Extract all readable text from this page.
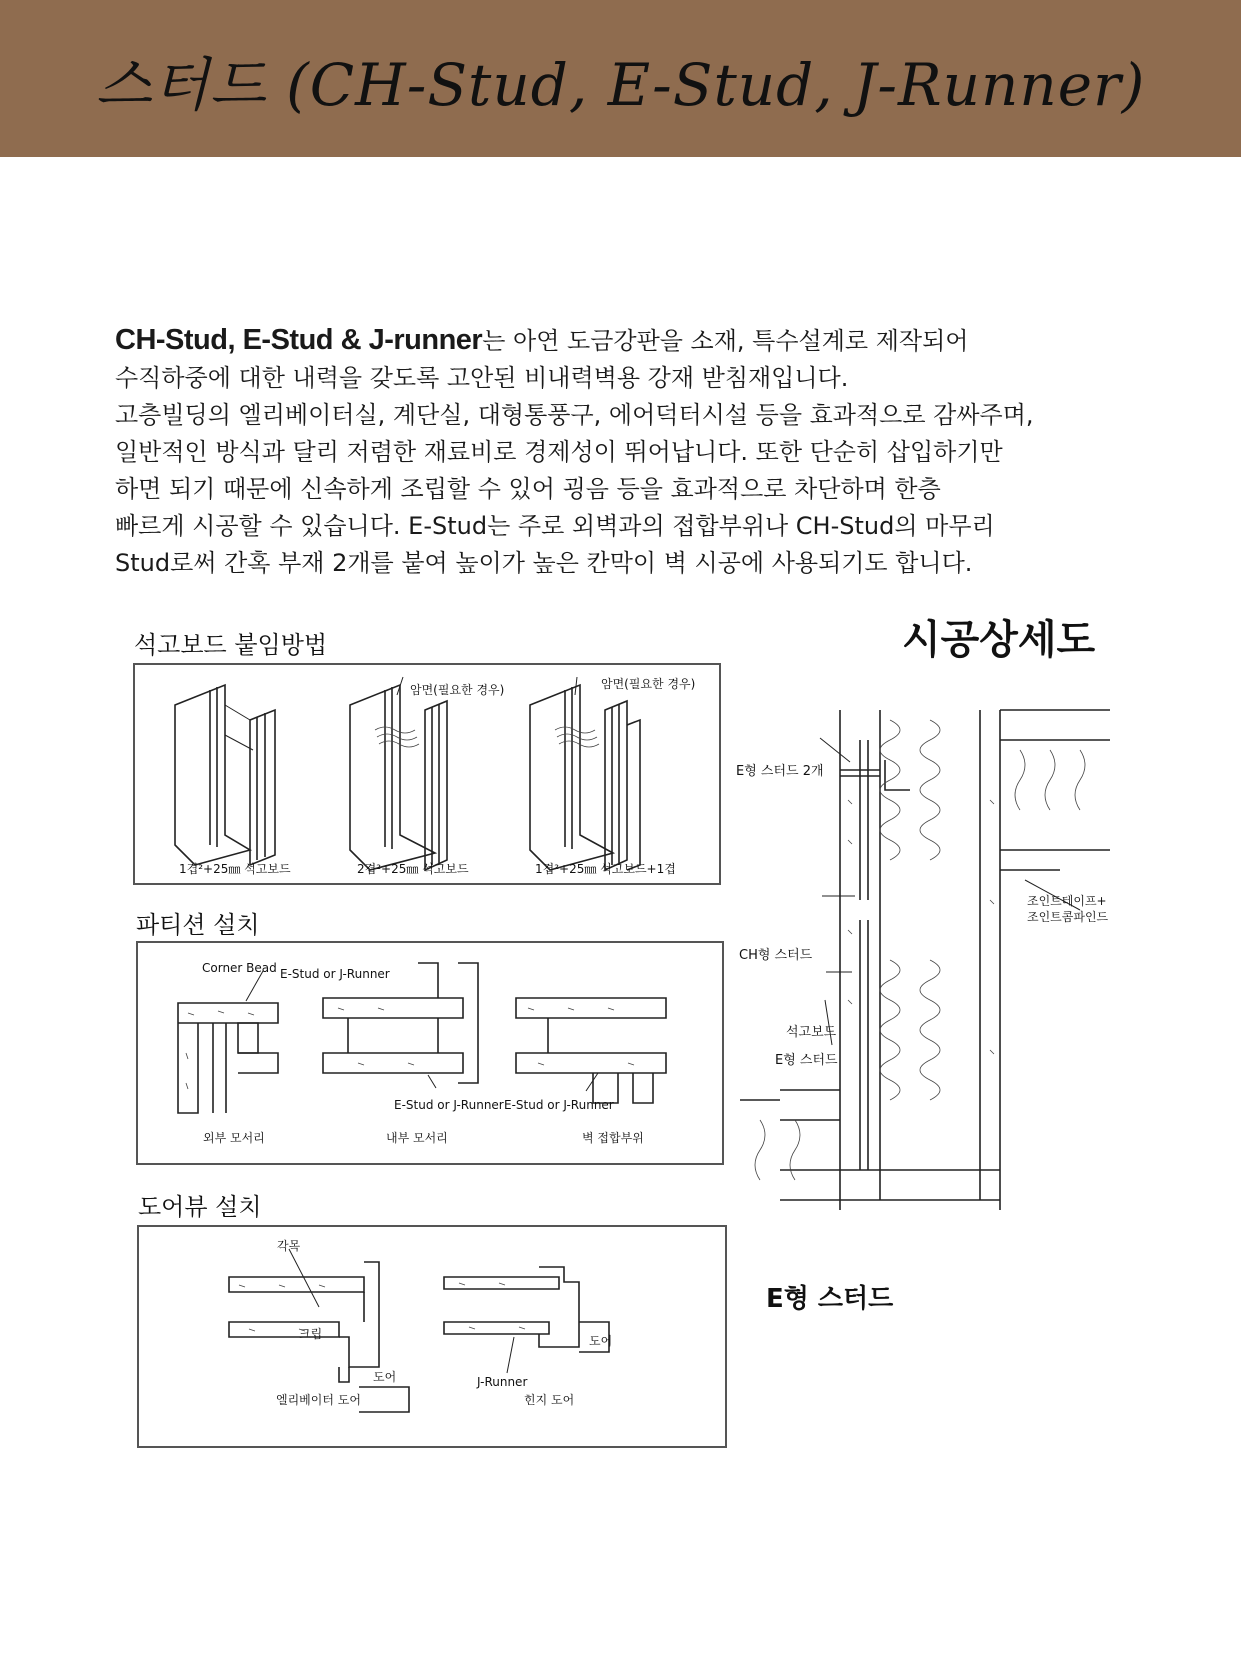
스터드 (CH-Stud, E-Stud, J-Runner)

CH-Stud, E-Stud & J-runner는 아연 도금강판을 소재, 특수설계로 제작되어

수직하중에 대한 내력을 갖도록 고안된 비내력벽용 강재 받침재입니다.

고층빌딩의 엘리베이터실, 계단실, 대형통풍구, 에어덕터시설 등을 효과적으로 감싸주며,

일반적인 방식과 달리 저렴한 재료비로 경제성이 뛰어납니다. 또한 단순히 삽입하기만

하면 되기 때문에 신속하게 조립할 수 있어 굉음 등을 효과적으로 차단하며 한층

빠르게 시공할 수 있습니다. E-Stud는 주로 외벽과의 접합부위나 CH-Stud의 마무리

Stud로써 간혹 부재 2개를 붙여 높이가 높은 칸막이 벽 시공에 사용되기도 합니다.

석고보드 붙임방법
파티션 설치
도어뷰 설치
시공상세도
암면(필요한 경우)	암면(필요한 경우)
1겹²+25㎜ 석고보드	2겹²+25㎜ 석고보드	1겹²+25㎜ 석고보드+1겹
Corner Bead E-Stud or J-Runner
E-Stud or J-Runner E-Stud or J-Runner
외부 모서리	내부 모서리	벽 접합부위
각목
크립
도어
도어
J-Runner
엘리베이터 도어	힌지 도어
E형 스터드 2개
조인트테이프+
조인트콤파인드
CH형 스터드
석고보드
E형 스터드
E형 스터드
